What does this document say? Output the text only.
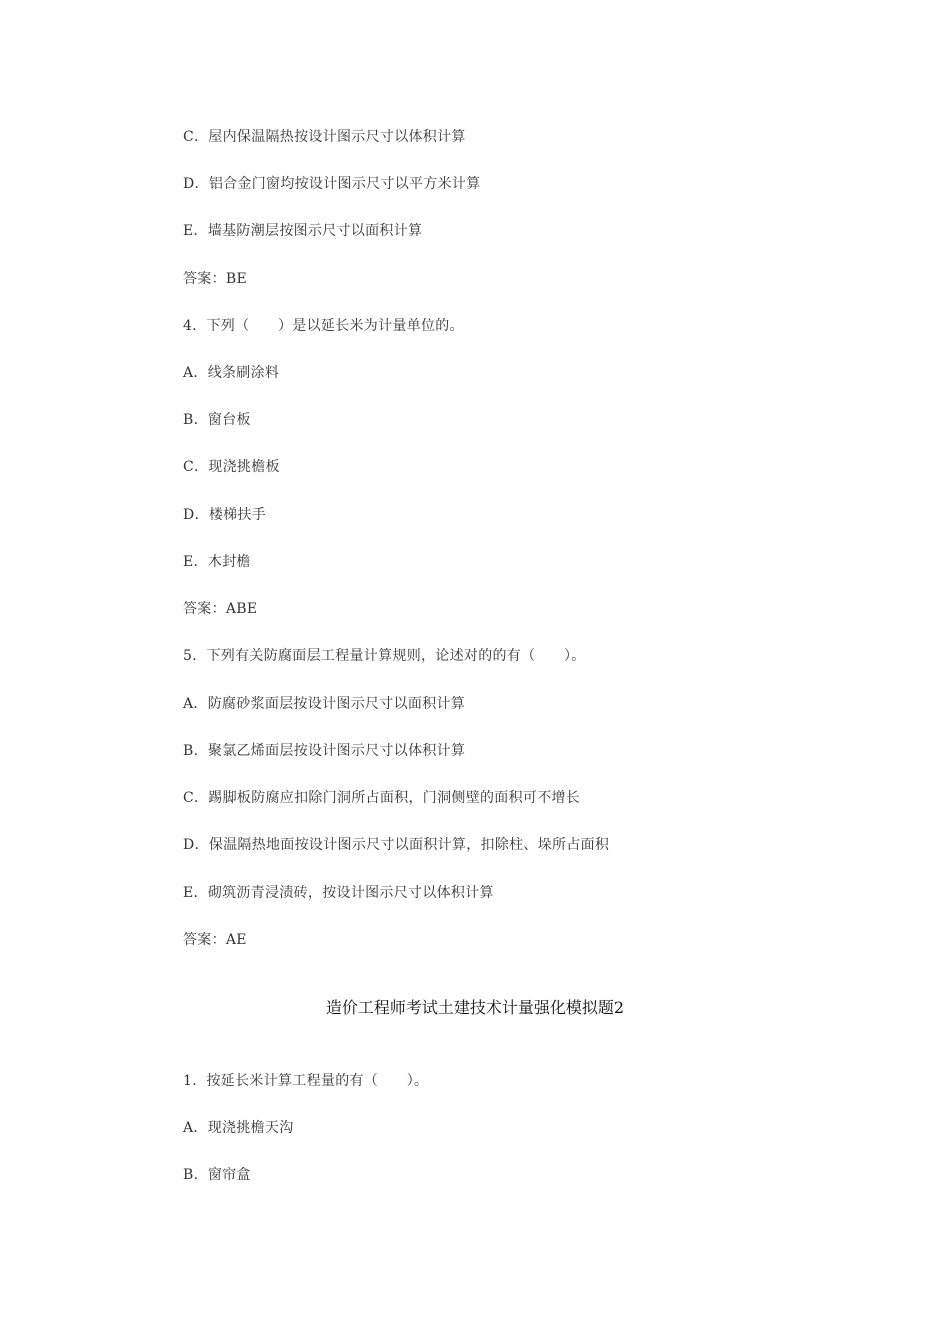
C．屋内保温隔热按设计图示尺寸以体积计算
D．铝合金门窗均按设计图示尺寸以平方米计算
E．墙基防潮层按图示尺寸以面积计算
答案：BE
4．下列（　　）是以延长米为计量单位的。
A．线条刷涂料
B．窗台板
C．现浇挑檐板
D．楼梯扶手
E．木封檐
答案：ABE
5．下列有关防腐面层工程量计算规则，论述对的的有（　　）。
A．防腐砂浆面层按设计图示尺寸以面积计算
B．聚氯乙烯面层按设计图示尺寸以体积计算
C．踢脚板防腐应扣除门洞所占面积，门洞侧壁的面积可不增长
D．保温隔热地面按设计图示尺寸以面积计算，扣除柱、垛所占面积
E．砌筑沥青浸渍砖，按设计图示尺寸以体积计算
答案：AE
造价工程师考试土建技术计量强化模拟题2
1．按延长米计算工程量的有（　　）。
A．现浇挑檐天沟
B．窗帘盒
